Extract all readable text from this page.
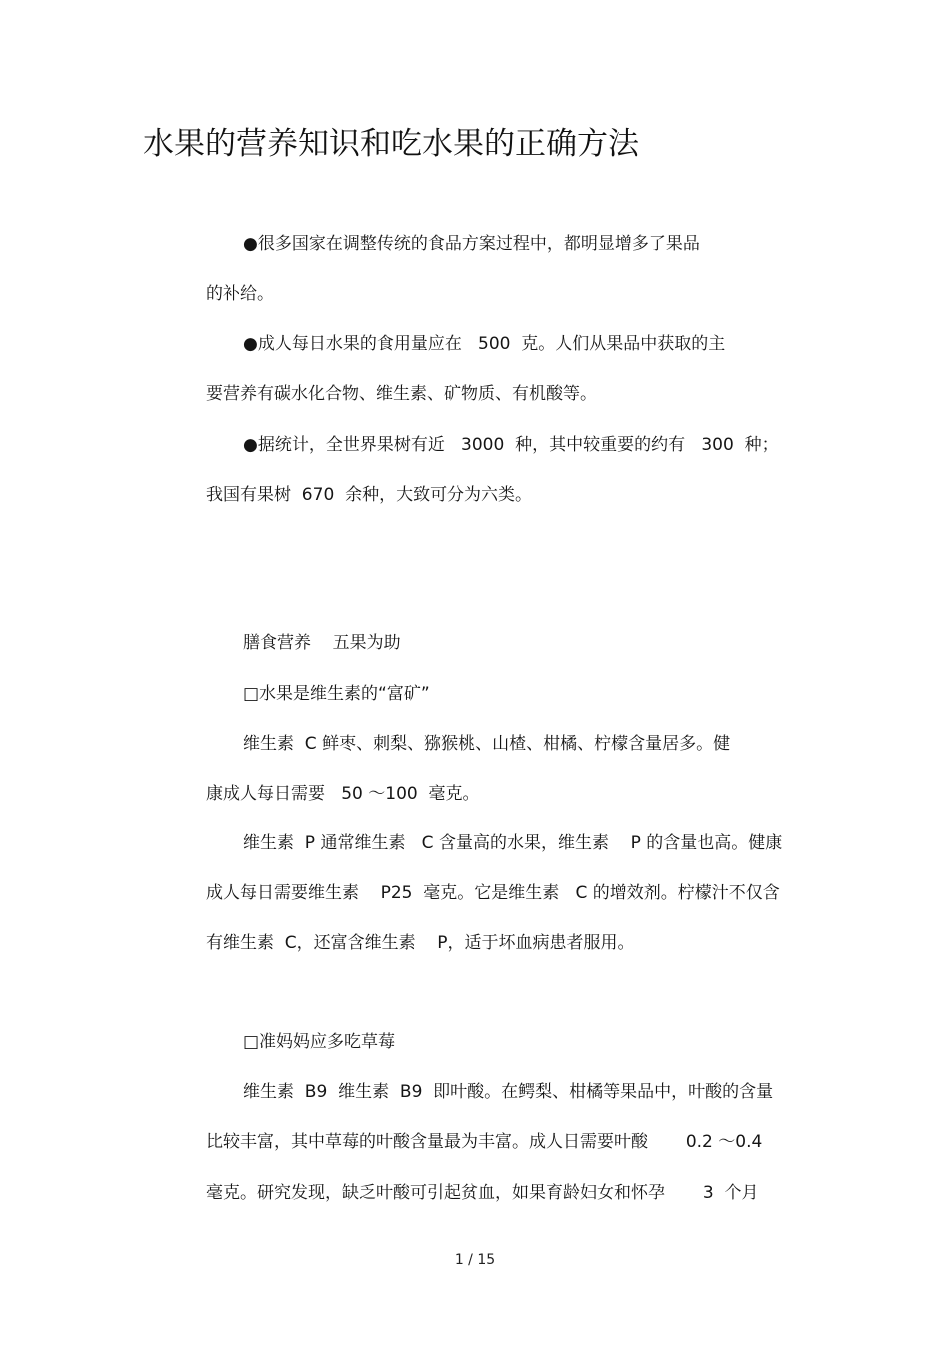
水果的营养知识和吃水果的正确方法
●很多国家在调整传统的食品方案过程中，都明显增多了果品
的补给。
●成人每日水果的食用量应在   500  克。人们从果品中获取的主
要营养有碳水化合物、维生素、矿物质、有机酸等。
●据统计，全世界果树有近   3000  种，其中较重要的约有   300  种；
我国有果树  670  余种，大致可分为六类。
膳食营养    五果为助
□水果是维生素的“富矿”
维生素  C 鲜枣、刺梨、猕猴桃、山楂、柑橘、柠檬含量居多。健
康成人每日需要   50 ～100  毫克。
维生素  P 通常维生素   C 含量高的水果，维生素    P 的含量也高。健康
成人每日需要维生素    P25  毫克。它是维生素   C 的增效剂。柠檬汁不仅含
有维生素  C，还富含维生素    P，适于坏血病患者服用。
□准妈妈应多吃草莓
维生素  B9  维生素  B9  即叶酸。在鳄梨、柑橘等果品中，叶酸的含量
比较丰富，其中草莓的叶酸含量最为丰富。成人日需要叶酸       0.2 ～0.4
毫克。研究发现，缺乏叶酸可引起贫血，如果育龄妇女和怀孕       3  个月
1 / 15
